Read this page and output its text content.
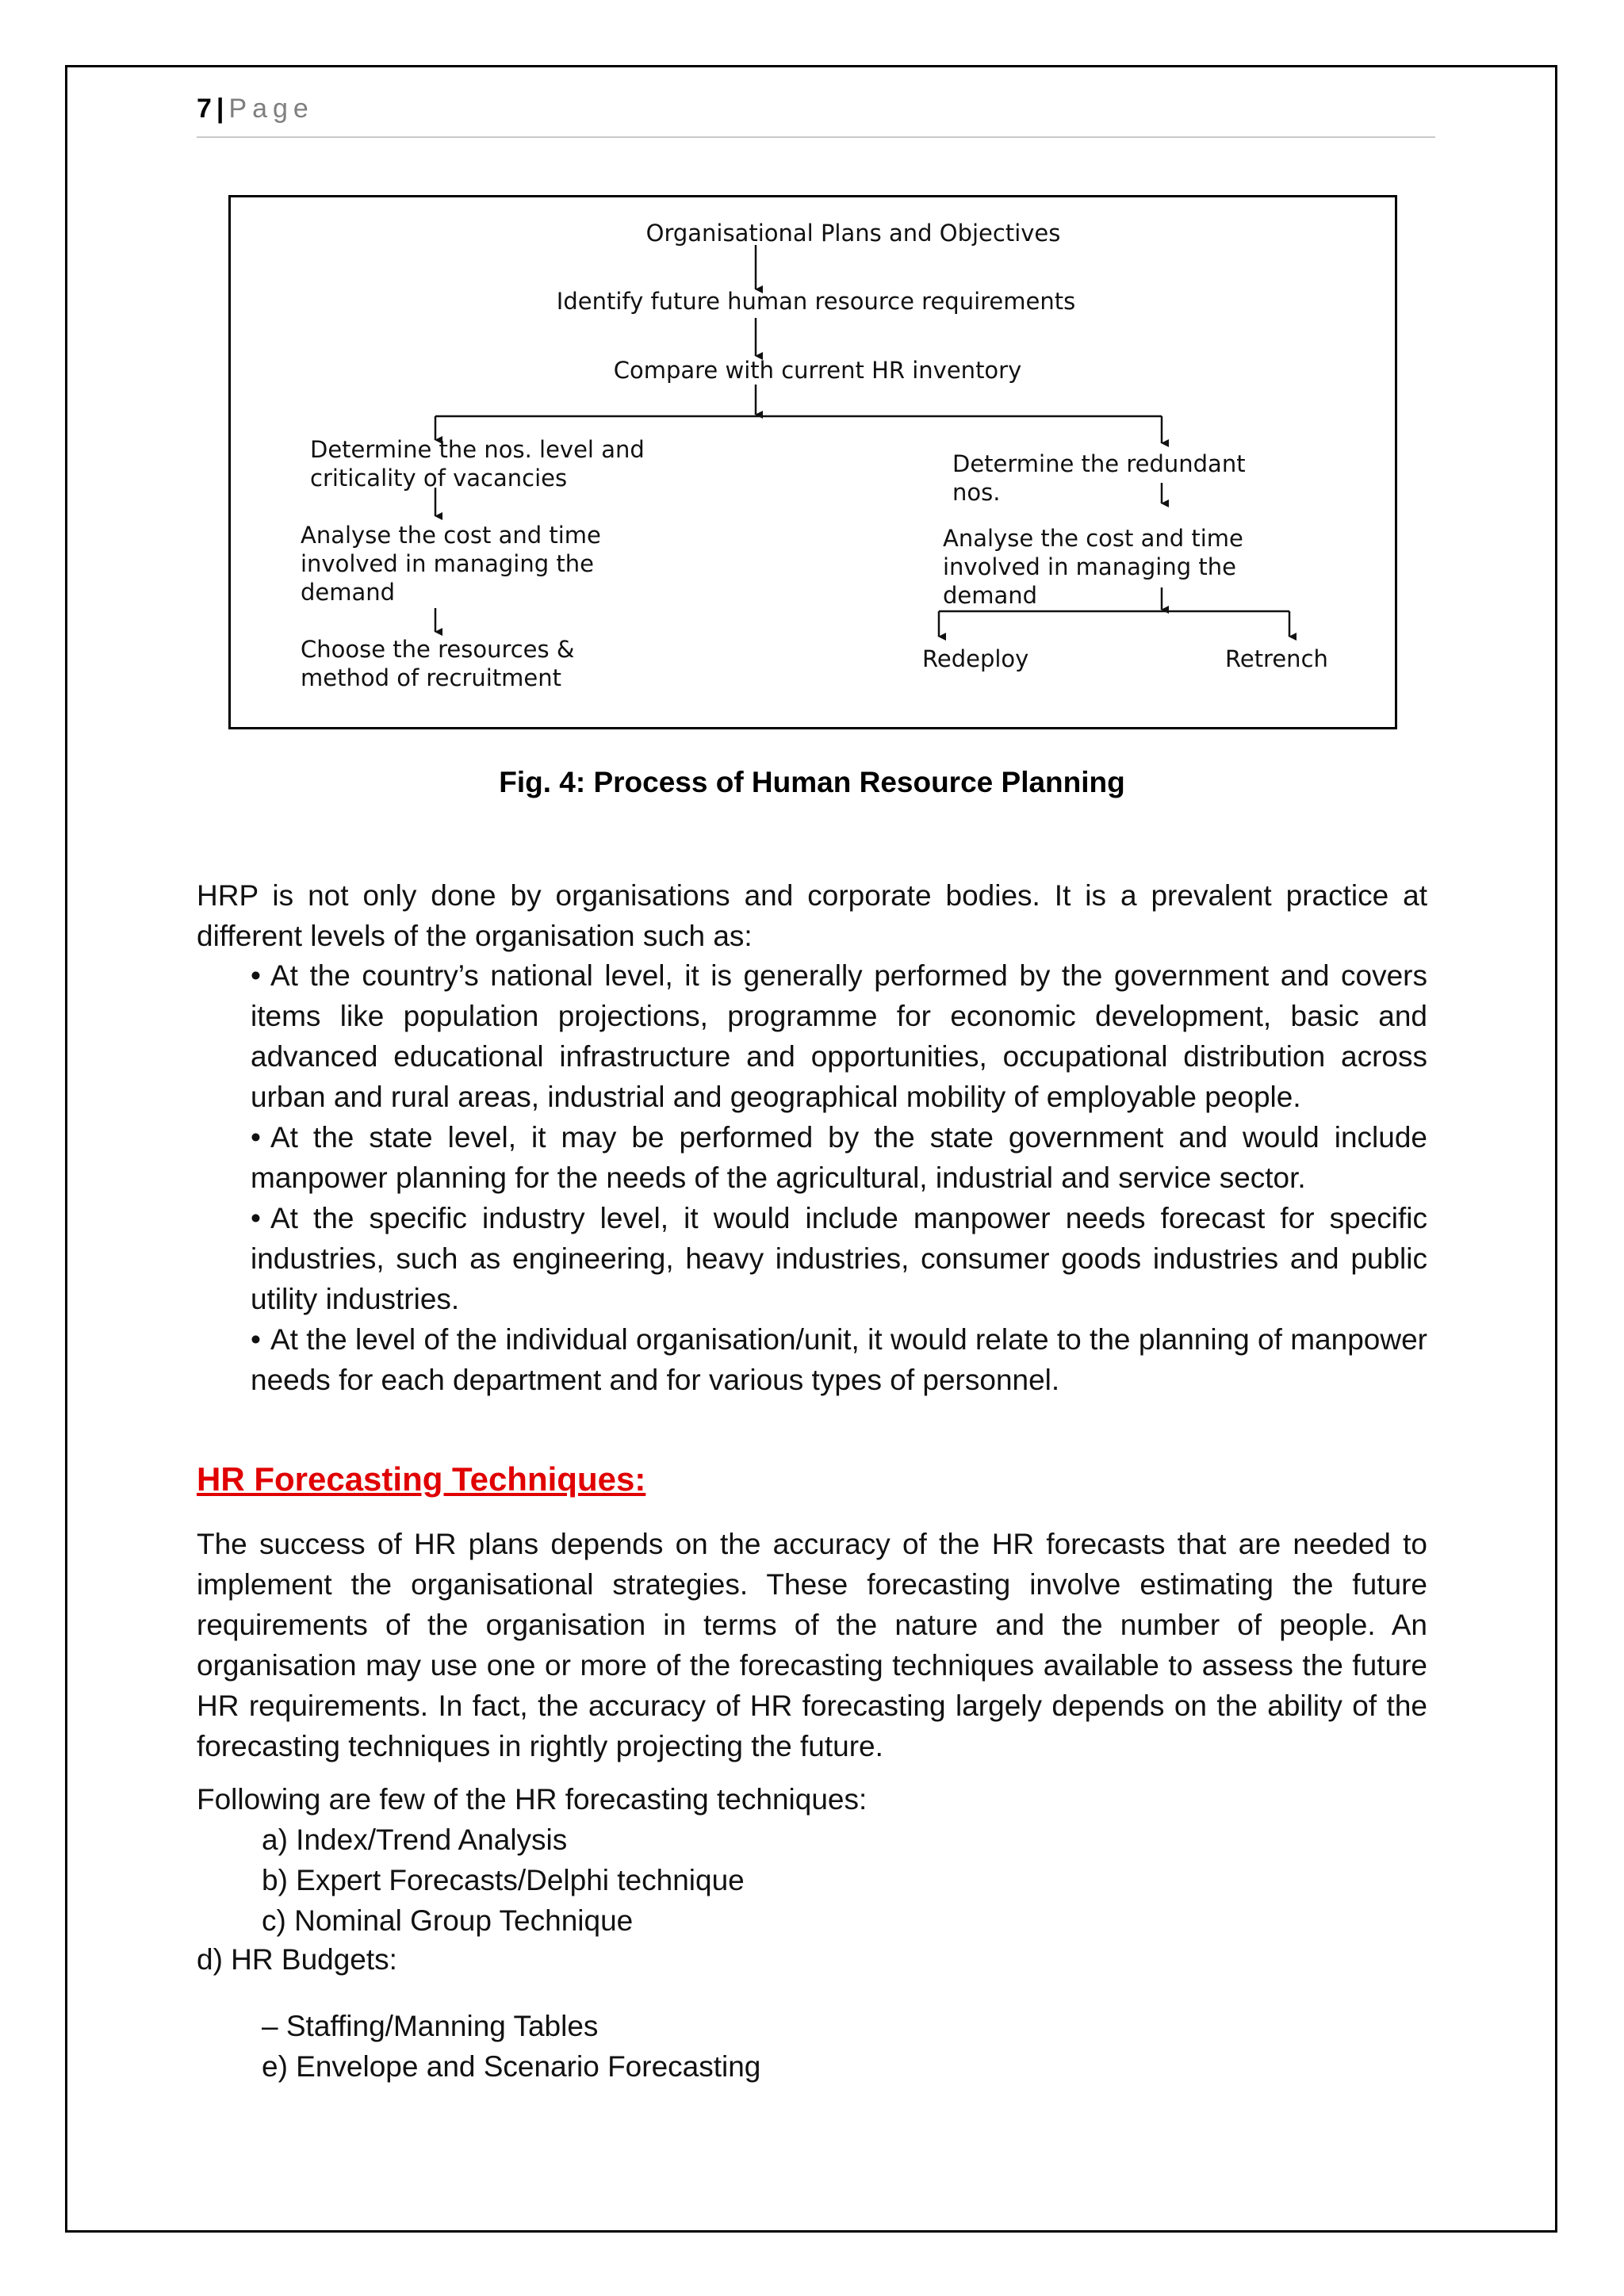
7 | Page
Organisational Plans and Objectives
Identify future human resource requirements
Compare with current HR inventory
Determine the nos. level and
criticality of vacancies
Analyse the cost and time
involved in managing the
demand
Choose the resources &
method of recruitment
Determine the redundant
nos.
Analyse the cost and time
involved in managing the
demand
Redeploy	Retrench
Fig. 4: Process of Human Resource Planning
HRP is not only done by organisations and corporate bodies. It is a prevalent practice at different levels of the organisation such as:
• At the country’s national level, it is generally performed by the government and covers items like population projections, programme for economic development, basic and advanced educational infrastructure and opportunities, occupational distribution across urban and rural areas, industrial and geographical mobility of employable people.
• At the state level, it may be performed by the state government and would include manpower planning for the needs of the agricultural, industrial and service sector.
• At the specific industry level, it would include manpower needs forecast for specific industries, such as engineering, heavy industries, consumer goods industries and public utility industries.
• At the level of the individual organisation/unit, it would relate to the planning of manpower needs for each department and for various types of personnel.
HR Forecasting Techniques:
The success of HR plans depends on the accuracy of the HR forecasts that are needed to implement the organisational strategies. These forecasting involve estimating the future requirements of the organisation in terms of the nature and the number of people. An organisation may use one or more of the forecasting techniques available to assess the future HR requirements. In fact, the accuracy of HR forecasting largely depends on the ability of the forecasting techniques in rightly projecting the future.
Following are few of the HR forecasting techniques:
a) Index/Trend Analysis
b) Expert Forecasts/Delphi technique
c) Nominal Group Technique
d) HR Budgets:
– Staffing/Manning Tables
e) Envelope and Scenario Forecasting
